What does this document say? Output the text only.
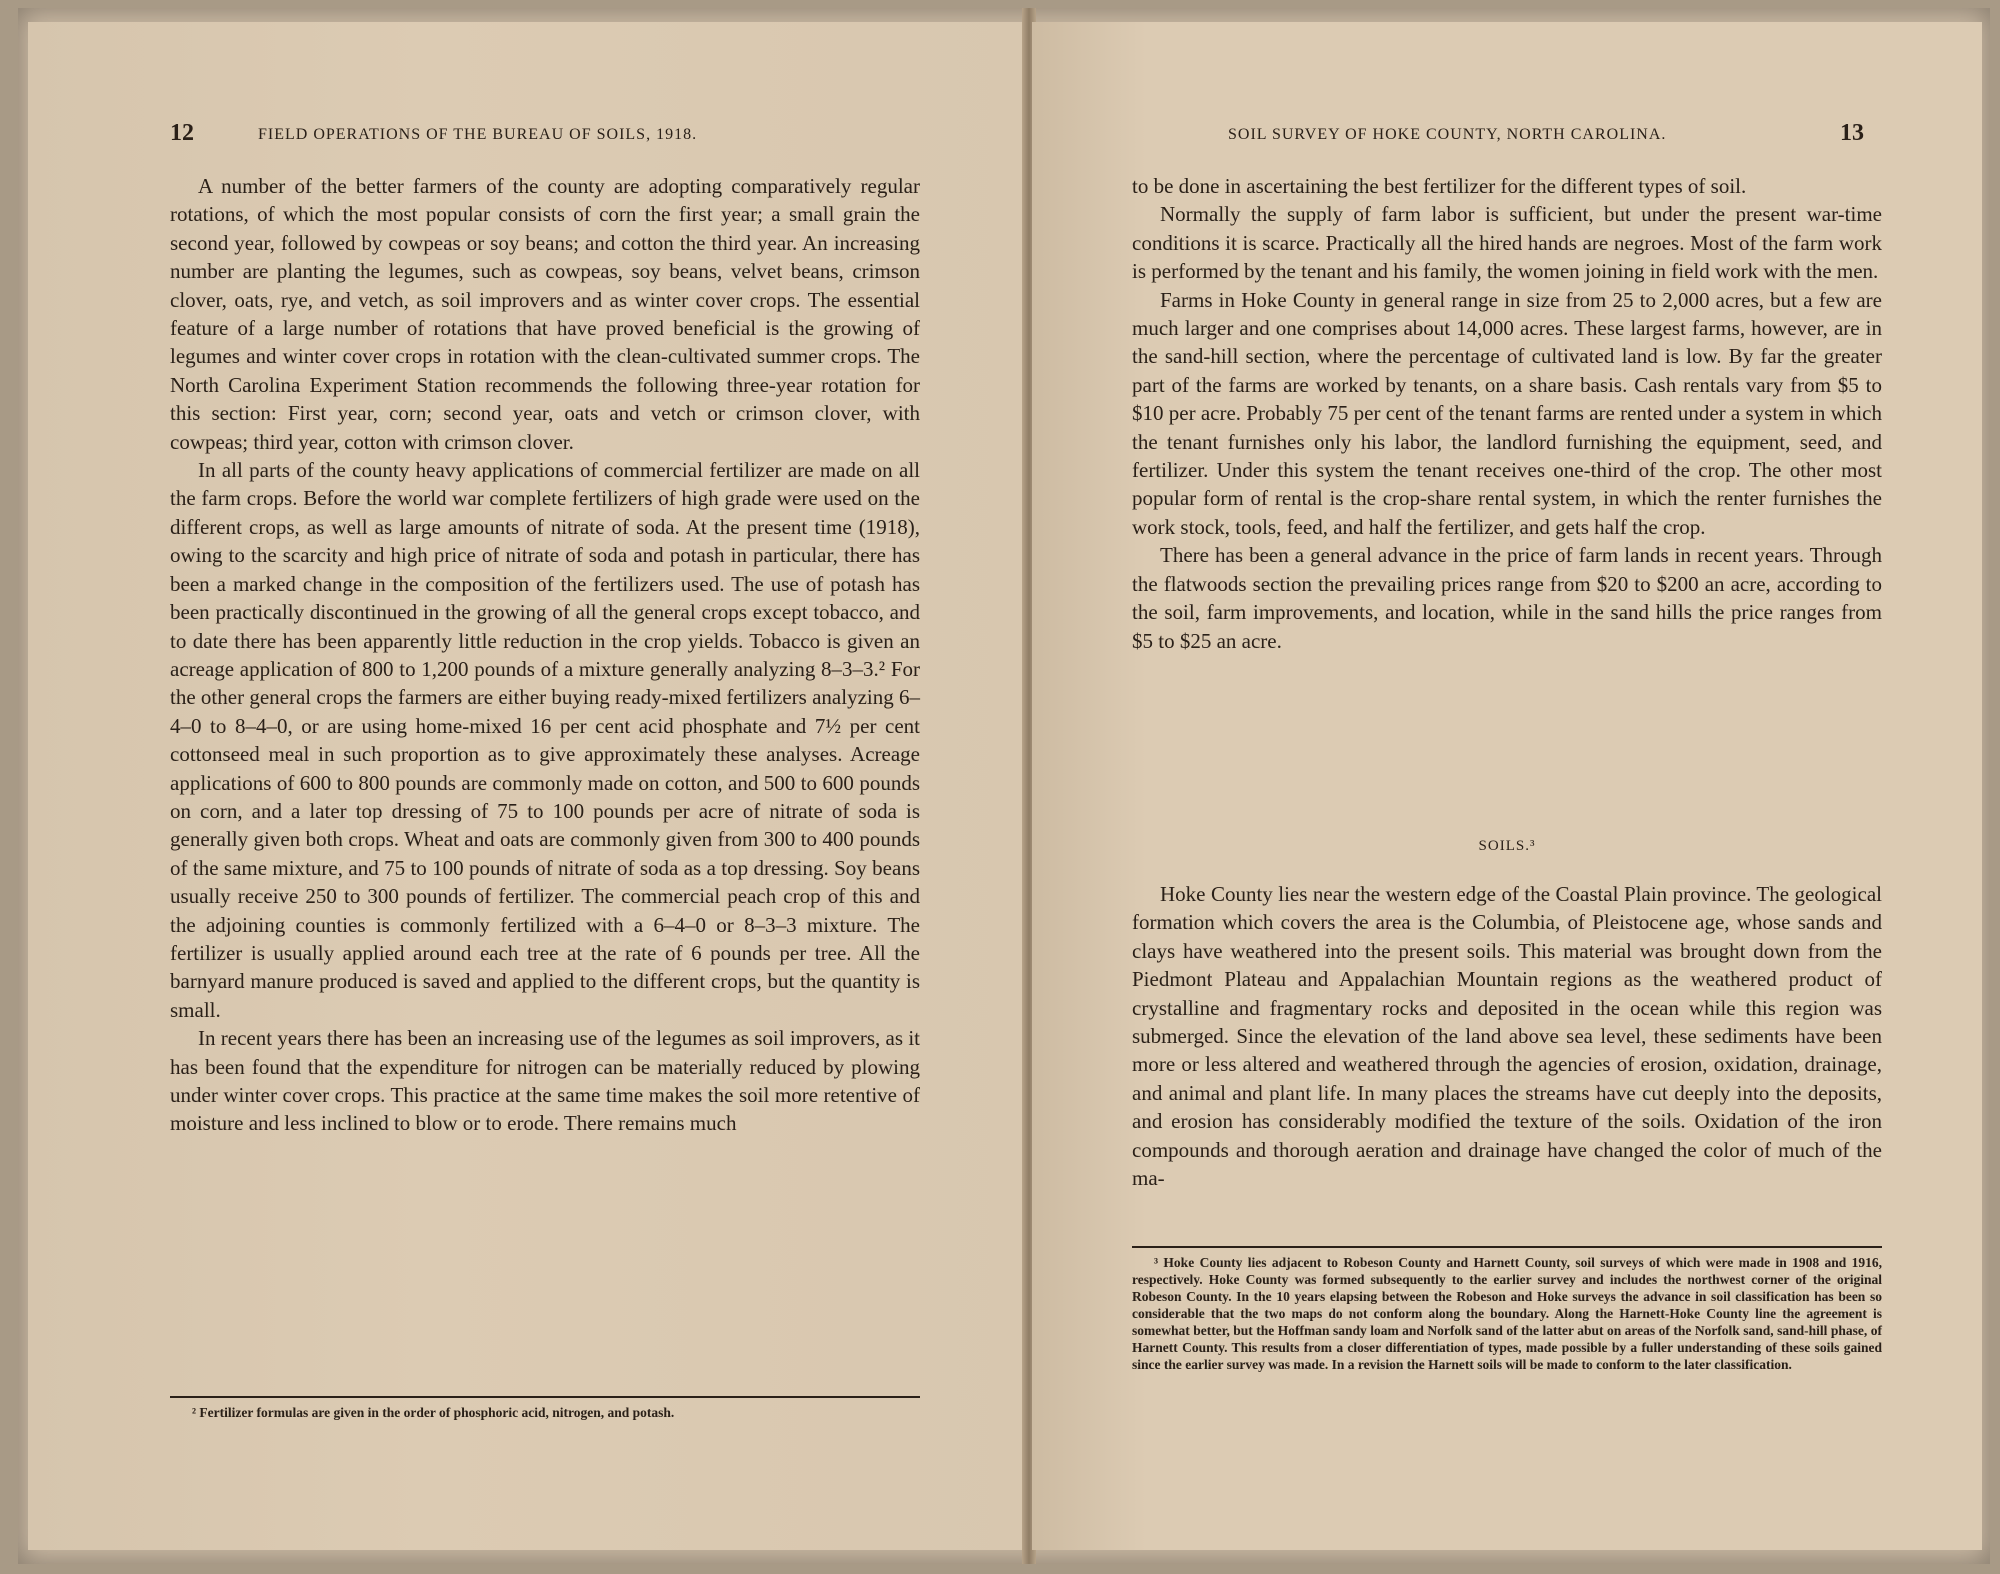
12	FIELD OPERATIONS OF THE BUREAU OF SOILS, 1918.

A number of the better farmers of the county are adopting comparatively regular rotations, of which the most popular consists of corn the first year; a small grain the second year, followed by cowpeas or soy beans; and cotton the third year. An increasing number are planting the legumes, such as cowpeas, soy beans, velvet beans, crimson clover, oats, rye, and vetch, as soil improvers and as winter cover crops. The essential feature of a large number of rotations that have proved beneficial is the growing of legumes and winter cover crops in rotation with the clean-cultivated summer crops. The North Carolina Experiment Station recommends the following three-year rotation for this section: First year, corn; second year, oats and vetch or crimson clover, with cowpeas; third year, cotton with crimson clover.

In all parts of the county heavy applications of commercial fertilizer are made on all the farm crops. Before the world war complete fertilizers of high grade were used on the different crops, as well as large amounts of nitrate of soda. At the present time (1918), owing to the scarcity and high price of nitrate of soda and potash in particular, there has been a marked change in the composition of the fertilizers used. The use of potash has been practically discontinued in the growing of all the general crops except tobacco, and to date there has been apparently little reduction in the crop yields. Tobacco is given an acreage application of 800 to 1,200 pounds of a mixture generally analyzing 8–3–3.² For the other general crops the farmers are either buying ready-mixed fertilizers analyzing 6–4–0 to 8–4–0, or are using home-mixed 16 per cent acid phosphate and 7½ per cent cottonseed meal in such proportion as to give approximately these analyses. Acreage applications of 600 to 800 pounds are commonly made on cotton, and 500 to 600 pounds on corn, and a later top dressing of 75 to 100 pounds per acre of nitrate of soda is generally given both crops. Wheat and oats are commonly given from 300 to 400 pounds of the same mixture, and 75 to 100 pounds of nitrate of soda as a top dressing. Soy beans usually receive 250 to 300 pounds of fertilizer. The commercial peach crop of this and the adjoining counties is commonly fertilized with a 6–4–0 or 8–3–3 mixture. The fertilizer is usually applied around each tree at the rate of 6 pounds per tree. All the barnyard manure produced is saved and applied to the different crops, but the quantity is small.

In recent years there has been an increasing use of the legumes as soil improvers, as it has been found that the expenditure for nitrogen can be materially reduced by plowing under winter cover crops. This practice at the same time makes the soil more retentive of moisture and less inclined to blow or to erode. There remains much

² Fertilizer formulas are given in the order of phosphoric acid, nitrogen, and potash.

SOIL SURVEY OF HOKE COUNTY, NORTH CAROLINA.	13

to be done in ascertaining the best fertilizer for the different types of soil.

Normally the supply of farm labor is sufficient, but under the present war-time conditions it is scarce. Practically all the hired hands are negroes. Most of the farm work is performed by the tenant and his family, the women joining in field work with the men.

Farms in Hoke County in general range in size from 25 to 2,000 acres, but a few are much larger and one comprises about 14,000 acres. These largest farms, however, are in the sand-hill section, where the percentage of cultivated land is low. By far the greater part of the farms are worked by tenants, on a share basis. Cash rentals vary from $5 to $10 per acre. Probably 75 per cent of the tenant farms are rented under a system in which the tenant furnishes only his labor, the landlord furnishing the equipment, seed, and fertilizer. Under this system the tenant receives one-third of the crop. The other most popular form of rental is the crop-share rental system, in which the renter furnishes the work stock, tools, feed, and half the fertilizer, and gets half the crop.

There has been a general advance in the price of farm lands in recent years. Through the flatwoods section the prevailing prices range from $20 to $200 an acre, according to the soil, farm improvements, and location, while in the sand hills the price ranges from $5 to $25 an acre.

SOILS.³

Hoke County lies near the western edge of the Coastal Plain province. The geological formation which covers the area is the Columbia, of Pleistocene age, whose sands and clays have weathered into the present soils. This material was brought down from the Piedmont Plateau and Appalachian Mountain regions as the weathered product of crystalline and fragmentary rocks and deposited in the ocean while this region was submerged. Since the elevation of the land above sea level, these sediments have been more or less altered and weathered through the agencies of erosion, oxidation, drainage, and animal and plant life. In many places the streams have cut deeply into the deposits, and erosion has considerably modified the texture of the soils. Oxidation of the iron compounds and thorough aeration and drainage have changed the color of much of the ma-

³ Hoke County lies adjacent to Robeson County and Harnett County, soil surveys of which were made in 1908 and 1916, respectively. Hoke County was formed subsequently to the earlier survey and includes the northwest corner of the original Robeson County. In the 10 years elapsing between the Robeson and Hoke surveys the advance in soil classification has been so considerable that the two maps do not conform along the boundary. Along the Harnett-Hoke County line the agreement is somewhat better, but the Hoffman sandy loam and Norfolk sand of the latter abut on areas of the Norfolk sand, sand-hill phase, of Harnett County. This results from a closer differentiation of types, made possible by a fuller understanding of these soils gained since the earlier survey was made. In a revision the Harnett soils will be made to conform to the later classification.
